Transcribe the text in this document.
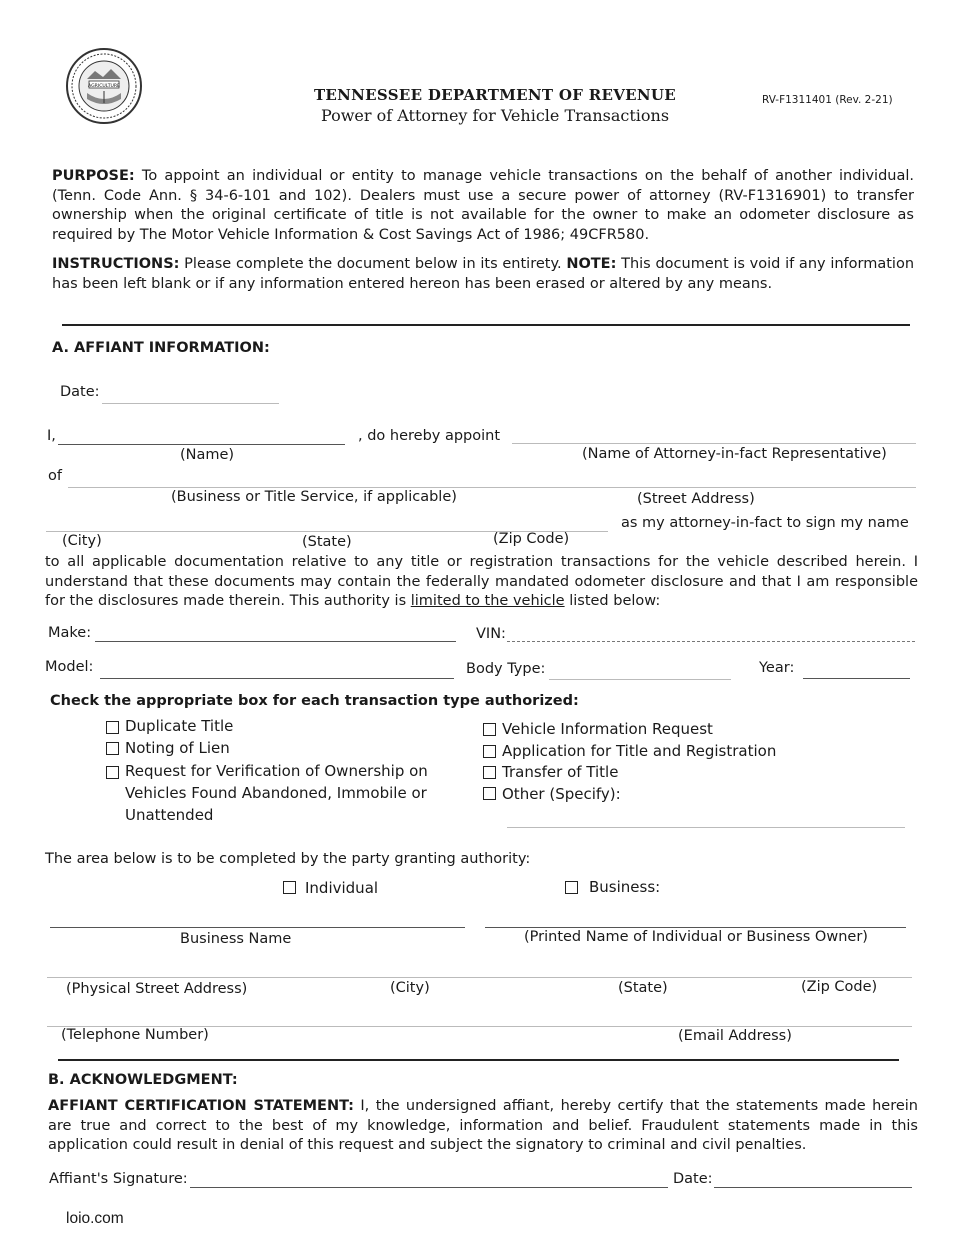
AGRICULTURE	TENNESSEE DEPARTMENT OF REVENUE
Power of Attorney for Vehicle Transactions
RV-F1311401 (Rev. 2-21)
PURPOSE: To appoint an individual or entity to manage vehicle transactions on the behalf of another individual. (Tenn. Code Ann. § 34-6-101 and 102). Dealers must use a secure power of attorney (RV-F1316901) to transfer ownership when the original certificate of title is not available for the owner to make an odometer disclosure as required by The Motor Vehicle Information & Cost Savings Act of 1986; 49CFR580.
INSTRUCTIONS: Please complete the document below in its entirety. NOTE: This document is void if any information has been left blank or if any information entered hereon has been erased or altered by any means.
A. AFFIANT INFORMATION:
Date:
I,	, do hereby appoint
(Name)	(Name of Attorney-in-fact Representative)
of
(Business or Title Service, if applicable)	(Street Address)
as my attorney-in-fact to sign my name
(City)	(State)	(Zip Code)
to all applicable documentation relative to any title or registration transactions for the vehicle described herein. I understand that these documents may contain the federally mandated odometer disclosure and that I am responsible for the disclosures made therein. This authority is limited to the vehicle listed below:
Make:	VIN:
Model:	Body Type:	Year:
Check the appropriate box for each transaction type authorized:
Duplicate Title
Noting of Lien
Request for Verification of Ownership on
Vehicles Found Abandoned, Immobile or
Unattended
Vehicle Information Request
Application for Title and Registration
Transfer of Title
Other (Specify):
The area below is to be completed by the party granting authority:
Individual	Business:
Business Name	(Printed Name of Individual or Business Owner)
(Physical Street Address)	(City)	(State)	(Zip Code)
(Telephone Number)	(Email Address)
B. ACKNOWLEDGMENT:
AFFIANT CERTIFICATION STATEMENT: I, the undersigned affiant, hereby certify that the statements made herein are true and correct to the best of my knowledge, information and belief. Fraudulent statements made in this application could result in denial of this request and subject the signatory to criminal and civil penalties.
Affiant's Signature:	Date:
loio.com
